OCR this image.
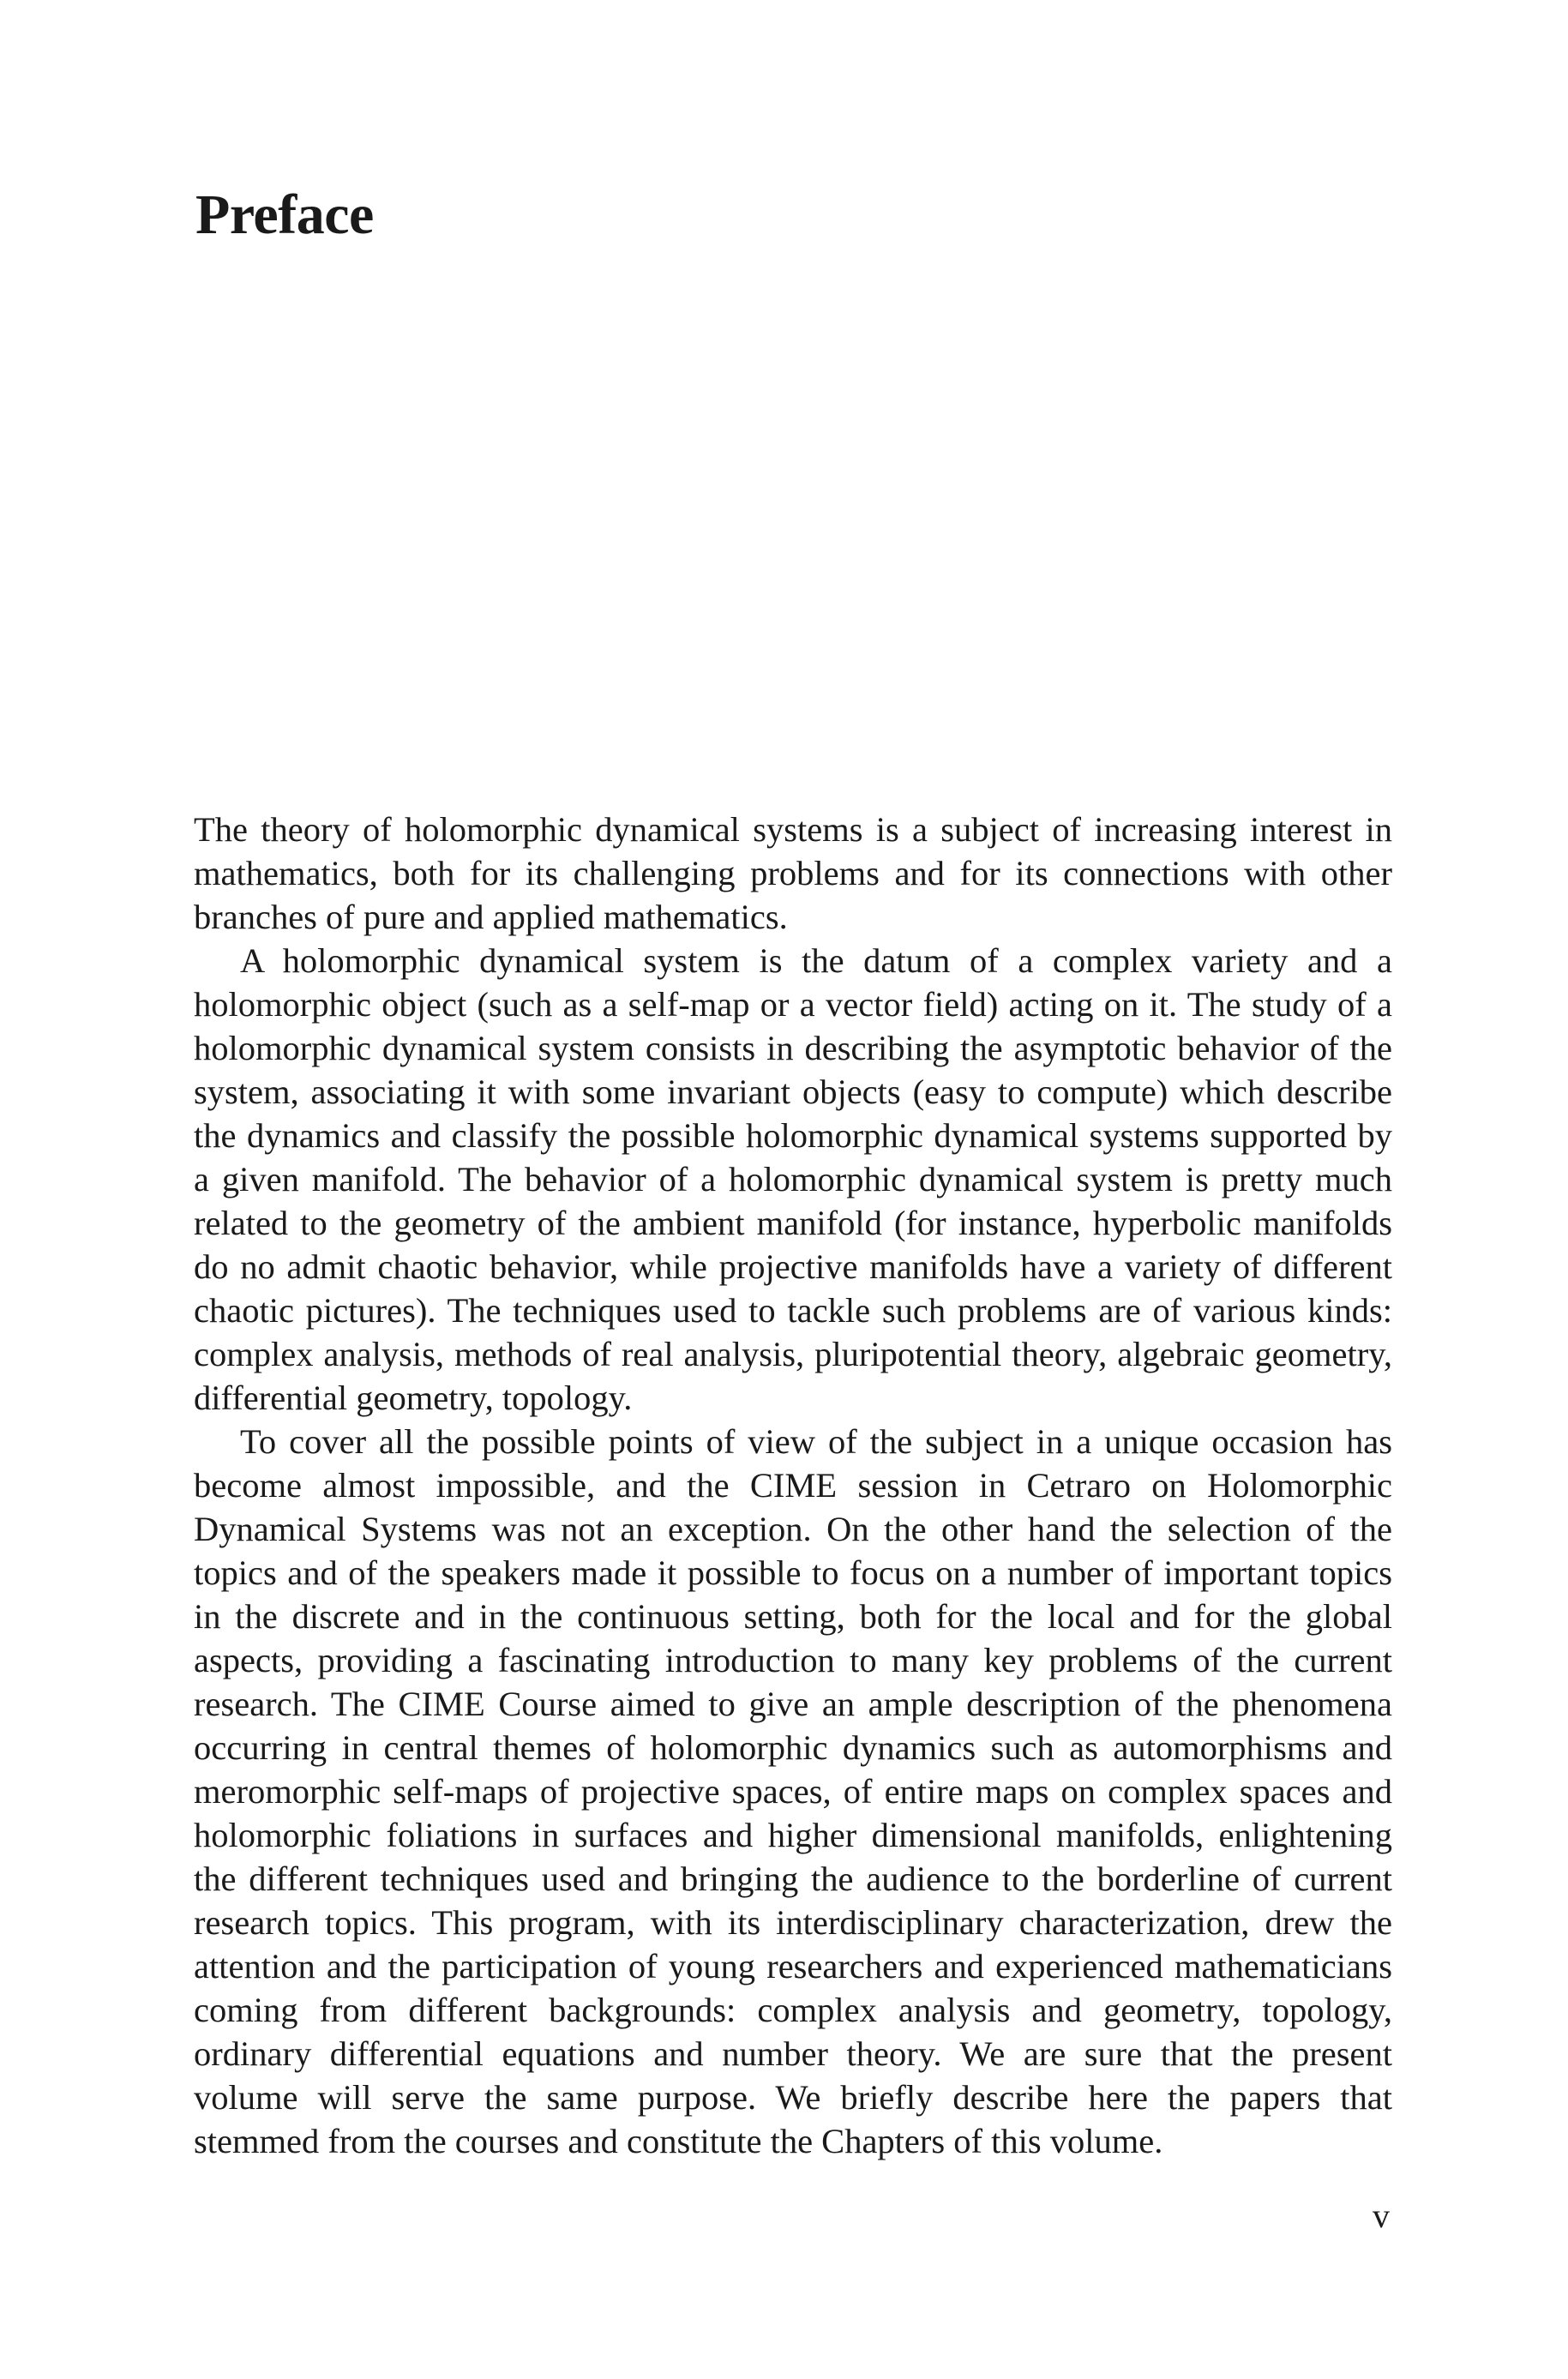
Preface

The theory of holomorphic dynamical systems is a subject of increasing interest in mathematics, both for its challenging problems and for its connections with other branches of pure and applied mathematics.

A holomorphic dynamical system is the datum of a complex variety and a holomorphic object (such as a self-map or a vector field) acting on it. The study of a holomorphic dynamical system consists in describing the asymptotic behavior of the system, associating it with some invariant objects (easy to compute) which describe the dynamics and classify the possible holomorphic dynamical systems supported by a given manifold. The behavior of a holomorphic dynamical system is pretty much related to the geometry of the ambient manifold (for instance, hyperbolic manifolds do no admit chaotic behavior, while projective manifolds have a variety of different chaotic pictures). The techniques used to tackle such problems are of various kinds: complex analysis, methods of real analysis, pluripotential theory, algebraic geometry, differential geometry, topology.

To cover all the possible points of view of the subject in a unique occasion has become almost impossible, and the CIME session in Cetraro on Holomorphic Dynamical Systems was not an exception. On the other hand the selection of the topics and of the speakers made it possible to focus on a number of important topics in the discrete and in the continuous setting, both for the local and for the global aspects, providing a fascinating introduction to many key problems of the current research. The CIME Course aimed to give an ample description of the phenomena occurring in central themes of holomorphic dynamics such as automorphisms and meromorphic self-maps of projective spaces, of entire maps on complex spaces and holomorphic foliations in surfaces and higher dimensional manifolds, enlightening the different techniques used and bringing the audience to the borderline of current research topics. This program, with its interdisciplinary characterization, drew the attention and the participation of young researchers and experienced mathematicians coming from different backgrounds: complex analysis and geometry, topology, ordinary differential equations and number theory. We are sure that the present volume will serve the same purpose. We briefly describe here the papers that stemmed from the courses and constitute the Chapters of this volume.

v
